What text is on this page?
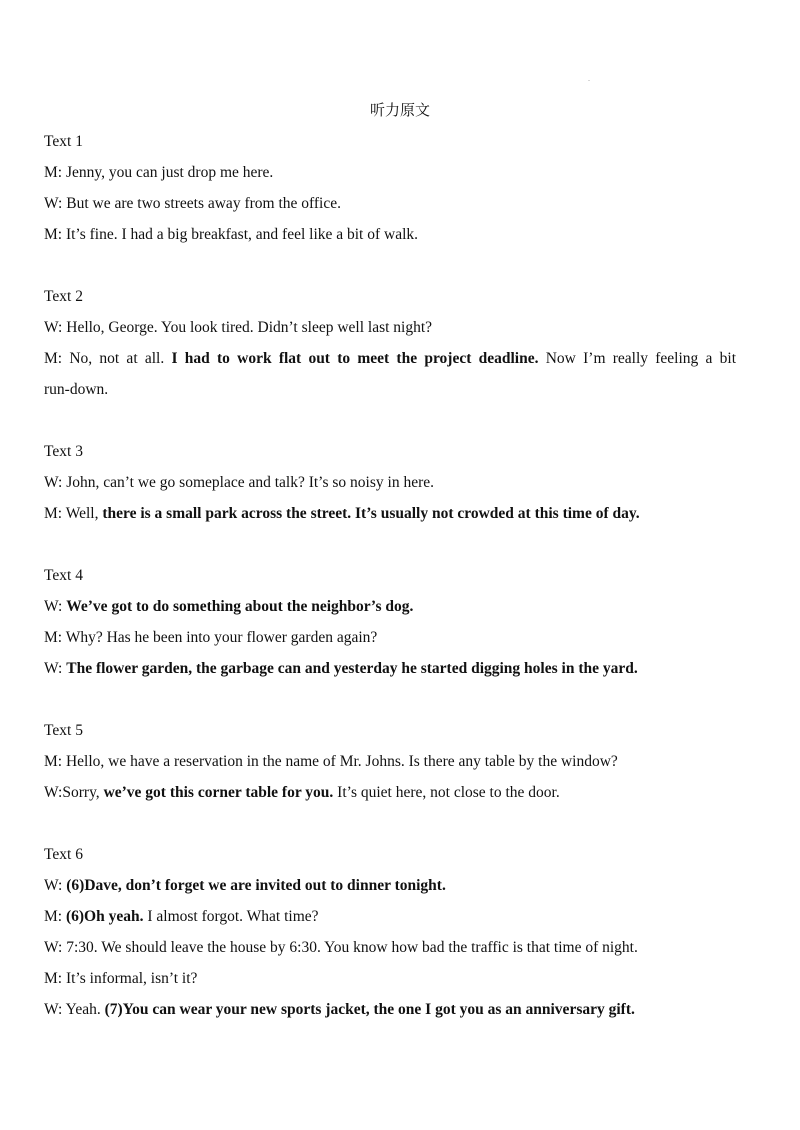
.
听力原文
Text 1
M: Jenny, you can just drop me here.
W: But we are two streets away from the office.
M: It’s fine. I had a big breakfast, and feel like a bit of walk.
Text 2
W: Hello, George. You look tired. Didn’t sleep well last night?
M: No, not at all. I had to work flat out to meet the project deadline. Now I’m really feeling a bit
run-down.
Text 3
W: John, can’t we go someplace and talk? It’s so noisy in here.
M: Well, there is a small park across the street. It’s usually not crowded at this time of day.
Text 4
W: We’ve got to do something about the neighbor’s dog.
M: Why? Has he been into your flower garden again?
W: The flower garden, the garbage can and yesterday he started digging holes in the yard.
Text 5
M: Hello, we have a reservation in the name of Mr. Johns. Is there any table by the window?
W:Sorry, we’ve got this corner table for you. It’s quiet here, not close to the door.
Text 6
W: (6)Dave, don’t forget we are invited out to dinner tonight.
M: (6)Oh yeah. I almost forgot. What time?
W: 7:30. We should leave the house by 6:30. You know how bad the traffic is that time of night.
M: It’s informal, isn’t it?
W: Yeah. (7)You can wear your new sports jacket, the one I got you as an anniversary gift.
